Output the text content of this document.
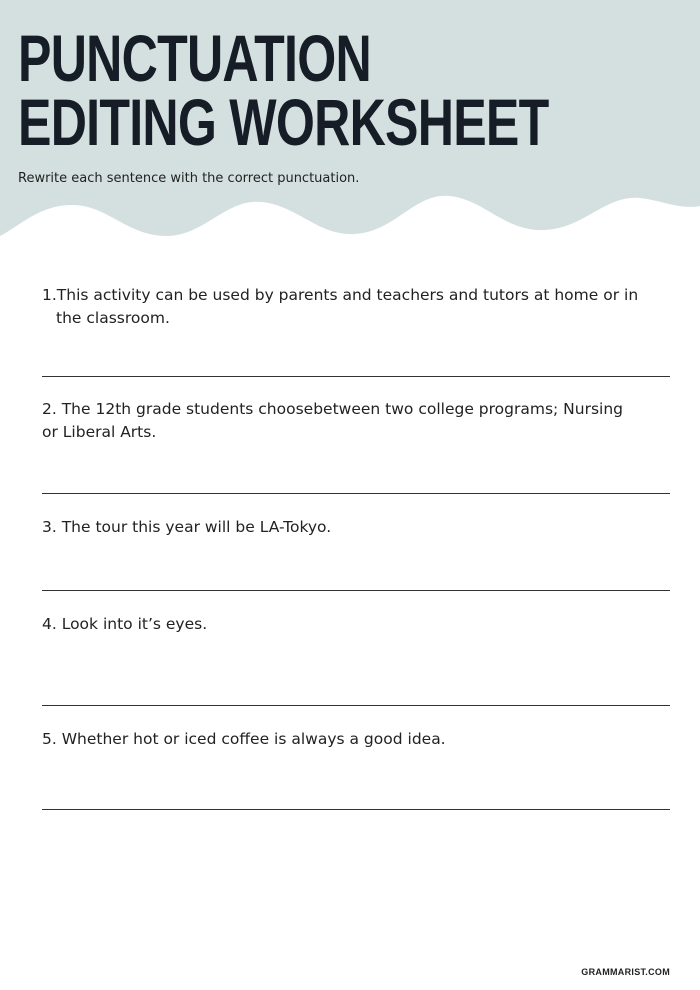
PUNCTUATION
EDITING WORKSHEET

Rewrite each sentence with the correct punctuation.

1.This activity can be used by parents and teachers and tutors at home or in the classroom.

2. The 12th grade students choosebetween two college programs; Nursing or Liberal Arts.

3. The tour this year will be LA-Tokyo.

4. Look into it’s eyes.

5. Whether hot or iced coffee is always a good idea.

GRAMMARIST.COM
